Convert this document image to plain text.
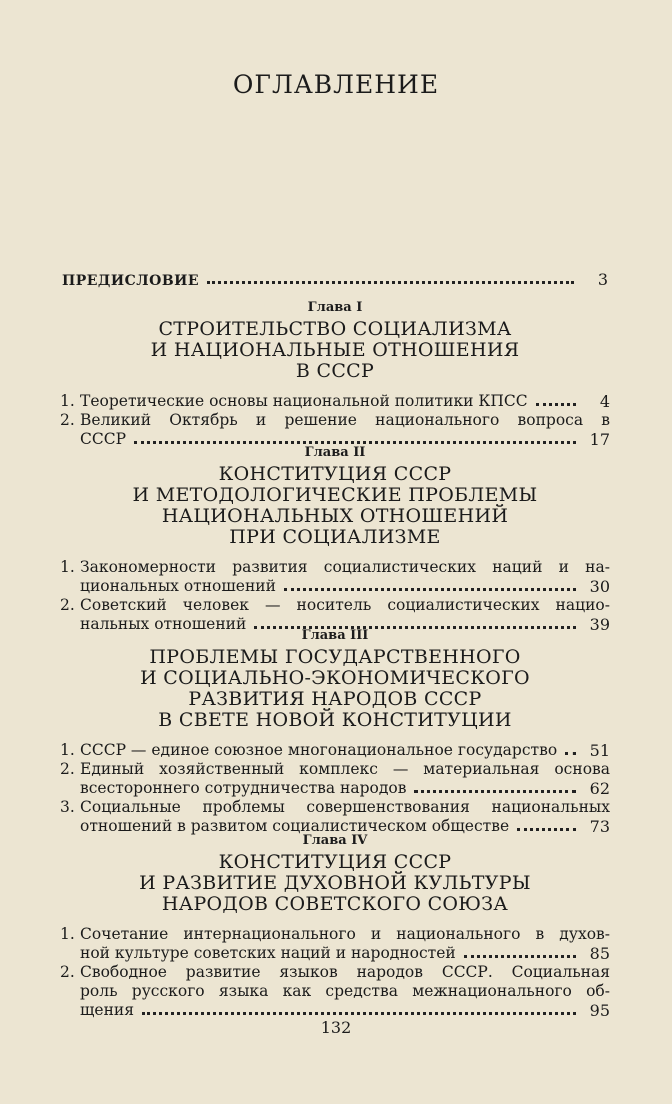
ОГЛАВЛЕНИЕ
ПРЕДИСЛОВИЕ	3
Глава I
СТРОИТЕЛЬСТВО СОЦИАЛИЗМА
И НАЦИОНАЛЬНЫЕ ОТНОШЕНИЯ
В СССР
1. Теоретические основы национальной политики КПСС	4
2. Великий Октябрь и решение национального вопроса в
СССР	17
Глава II
КОНСТИТУЦИЯ СССР
И МЕТОДОЛОГИЧЕСКИЕ ПРОБЛЕМЫ
НАЦИОНАЛЬНЫХ ОТНОШЕНИЙ
ПРИ СОЦИАЛИЗМЕ
1. Закономерности развития социалистических наций и на-
циональных отношений	30
2. Советский человек — носитель социалистических нацио-
нальных отношений	39
Глава III
ПРОБЛЕМЫ ГОСУДАРСТВЕННОГО
И СОЦИАЛЬНО-ЭКОНОМИЧЕСКОГО
РАЗВИТИЯ НАРОДОВ СССР
В СВЕТЕ НОВОЙ КОНСТИТУЦИИ
1. СССР — единое союзное многонациональное государство	51
2. Единый хозяйственный комплекс — материальная основа
всестороннего сотрудничества народов	62
3. Социальные проблемы совершенствования национальных
отношений в развитом социалистическом обществе	73
Глава IV
КОНСТИТУЦИЯ СССР
И РАЗВИТИЕ ДУХОВНОЙ КУЛЬТУРЫ
НАРОДОВ СОВЕТСКОГО СОЮЗА
1. Сочетание интернационального и национального в духов-
ной культуре советских наций и народностей	85
2. Свободное развитие языков народов СССР. Социальная
роль русского языка как средства межнационального об-
щения	95
132
